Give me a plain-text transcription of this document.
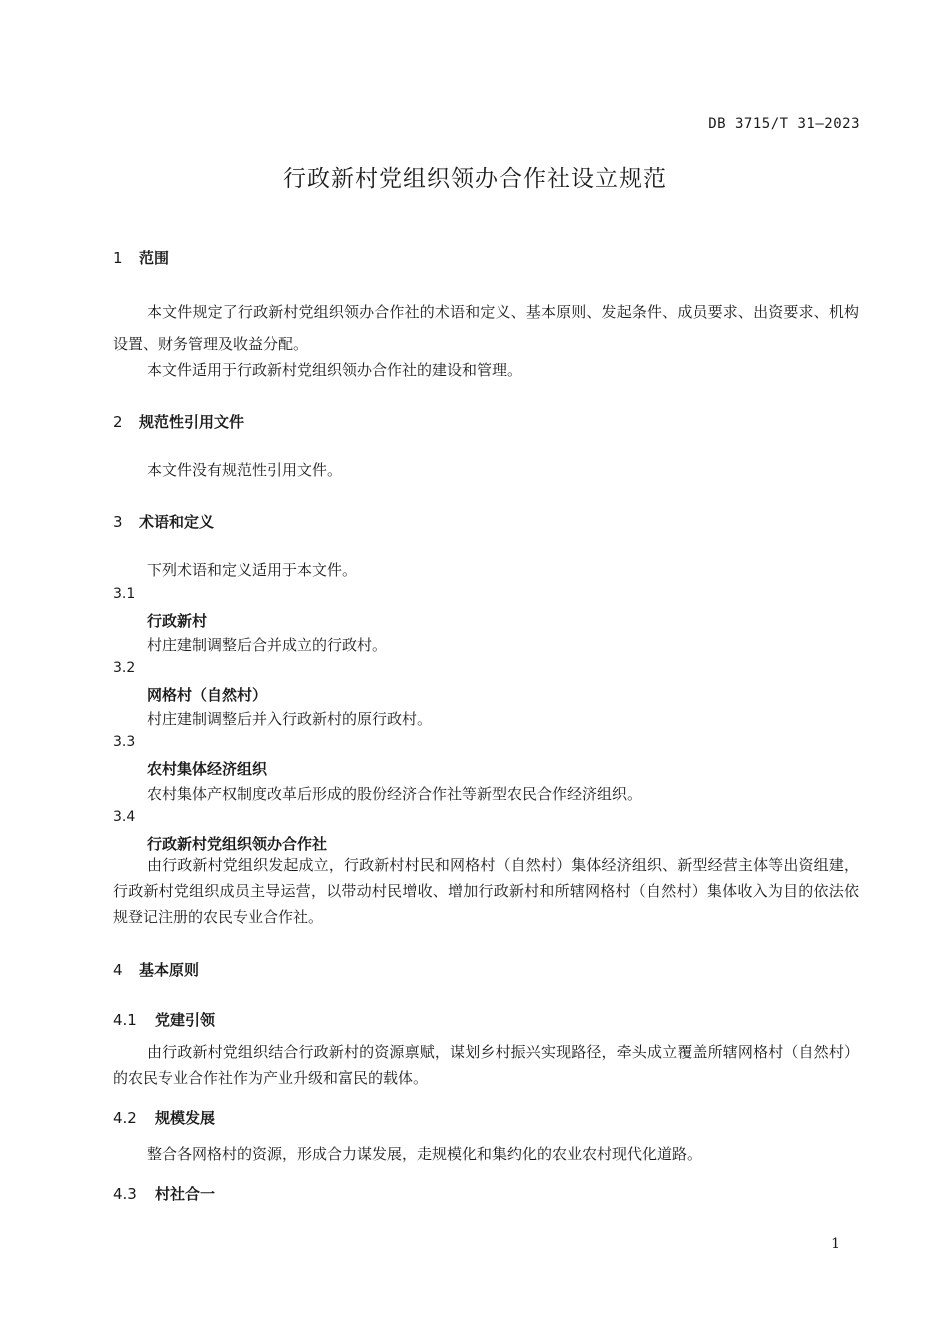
DB 3715/T 31—2023
行政新村党组织领办合作社设立规范
1 范围
本文件规定了行政新村党组织领办合作社的术语和定义、基本原则、发起条件、成员要求、出资要求、机构设置、财务管理及收益分配。
本文件适用于行政新村党组织领办合作社的建设和管理。
2 规范性引用文件
本文件没有规范性引用文件。
3 术语和定义
下列术语和定义适用于本文件。
3.1
行政新村
村庄建制调整后合并成立的行政村。
3.2
网格村（自然村）
村庄建制调整后并入行政新村的原行政村。
3.3
农村集体经济组织
农村集体产权制度改革后形成的股份经济合作社等新型农民合作经济组织。
3.4
行政新村党组织领办合作社
由行政新村党组织发起成立，行政新村村民和网格村（自然村）集体经济组织、新型经营主体等出资组建，行政新村党组织成员主导运营，以带动村民增收、增加行政新村和所辖网格村（自然村）集体收入为目的依法依规登记注册的农民专业合作社。
4 基本原则
4.1 党建引领
由行政新村党组织结合行政新村的资源禀赋，谋划乡村振兴实现路径，牵头成立覆盖所辖网格村（自然村）的农民专业合作社作为产业升级和富民的载体。
4.2 规模发展
整合各网格村的资源，形成合力谋发展，走规模化和集约化的农业农村现代化道路。
4.3 村社合一
1
